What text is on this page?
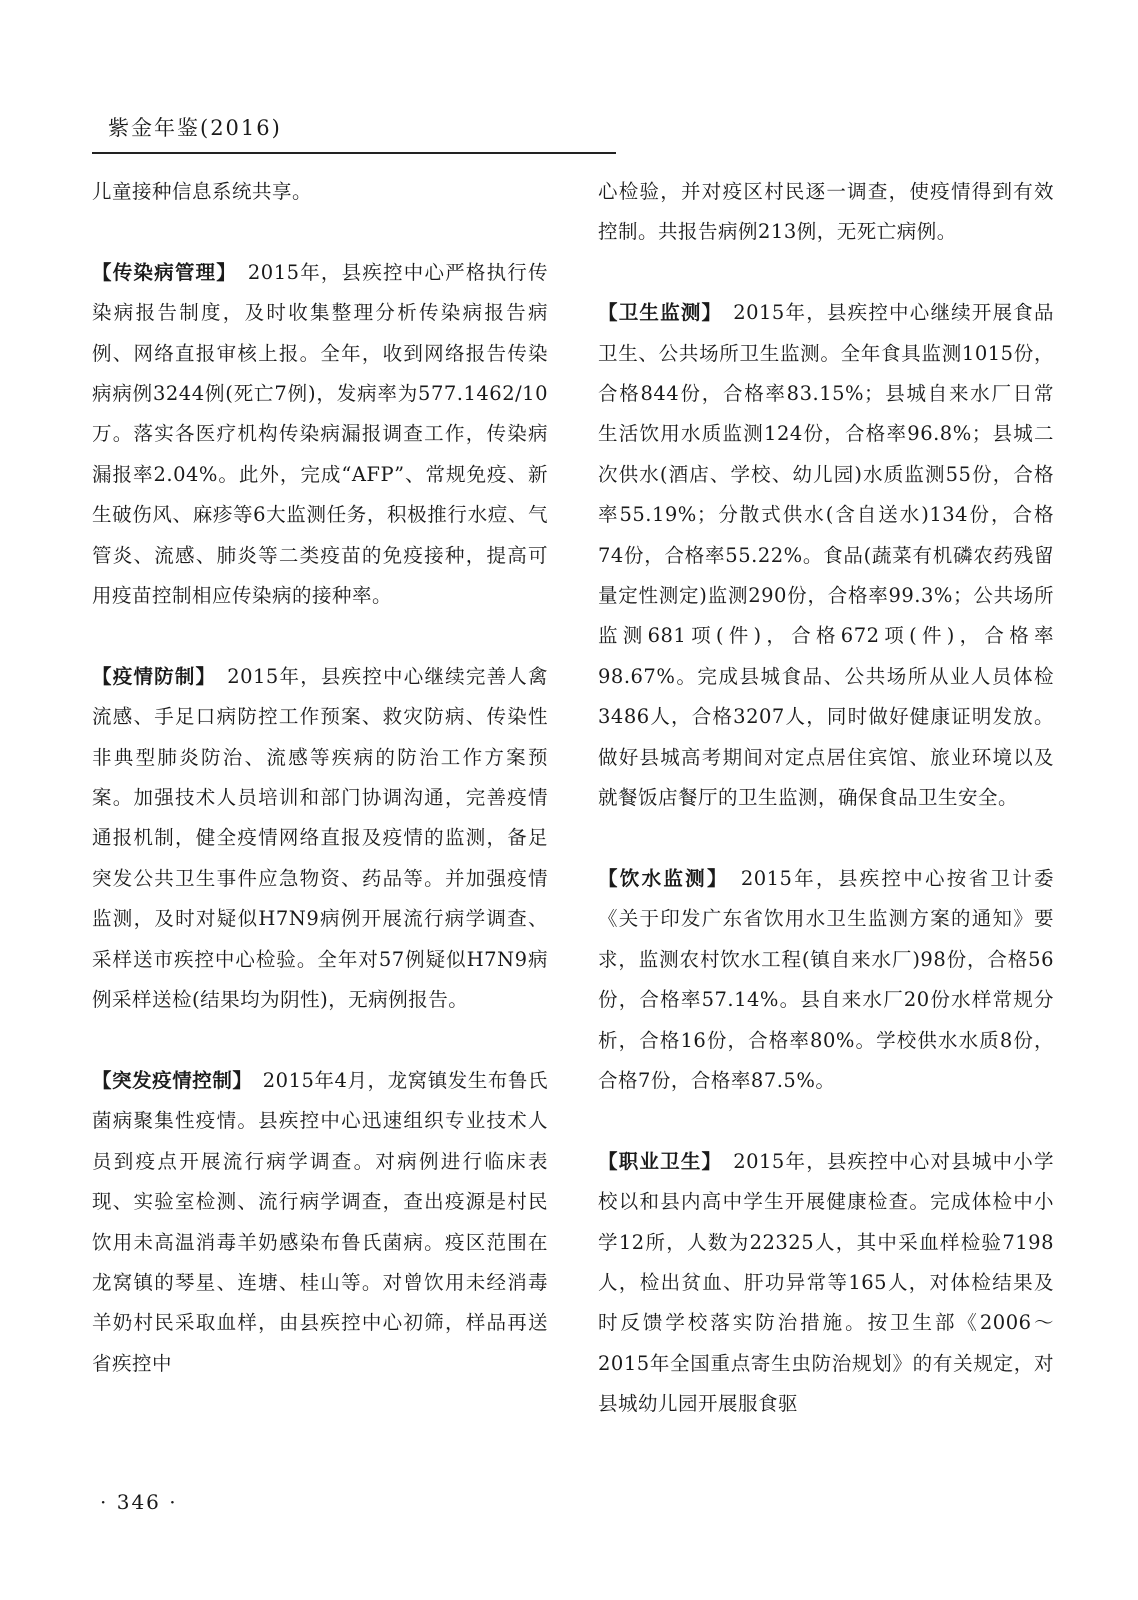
紫金年鉴(2016)

儿童接种信息系统共享。

【传染病管理】　2015年，县疾控中心严格执行传染病报告制度，及时收集整理分析传染病报告病例、网络直报审核上报。全年，收到网络报告传染病病例3244例(死亡7例)，发病率为577.1462/10万。落实各医疗机构传染病漏报调查工作，传染病漏报率2.04%。此外，完成“AFP”、常规免疫、新生破伤风、麻疹等6大监测任务，积极推行水痘、气管炎、流感、肺炎等二类疫苗的免疫接种，提高可用疫苗控制相应传染病的接种率。

【疫情防制】　2015年，县疾控中心继续完善人禽流感、手足口病防控工作预案、救灾防病、传染性非典型肺炎防治、流感等疾病的防治工作方案预案。加强技术人员培训和部门协调沟通，完善疫情通报机制，健全疫情网络直报及疫情的监测，备足突发公共卫生事件应急物资、药品等。并加强疫情监测，及时对疑似H7N9病例开展流行病学调查、采样送市疾控中心检验。全年对57例疑似H7N9病例采样送检(结果均为阴性)，无病例报告。

【突发疫情控制】　2015年4月，龙窝镇发生布鲁氏菌病聚集性疫情。县疾控中心迅速组织专业技术人员到疫点开展流行病学调查。对病例进行临床表现、实验室检测、流行病学调查，查出疫源是村民饮用未高温消毒羊奶感染布鲁氏菌病。疫区范围在龙窝镇的琴星、连塘、桂山等。对曾饮用未经消毒羊奶村民采取血样，由县疾控中心初筛，样品再送省疾控中

心检验，并对疫区村民逐一调查，使疫情得到有效控制。共报告病例213例，无死亡病例。

【卫生监测】　2015年，县疾控中心继续开展食品卫生、公共场所卫生监测。全年食具监测1015份，合格844份，合格率83.15%；县城自来水厂日常生活饮用水质监测124份，合格率96.8%；县城二次供水(酒店、学校、幼儿园)水质监测55份，合格率55.19%；分散式供水(含自送水)134份，合格74份，合格率55.22%。食品(蔬菜有机磷农药残留量定性测定)监测290份，合格率99.3%；公共场所监测681项(件)，合格672项(件)，合格率98.67%。完成县城食品、公共场所从业人员体检3486人，合格3207人，同时做好健康证明发放。做好县城高考期间对定点居住宾馆、旅业环境以及就餐饭店餐厅的卫生监测，确保食品卫生安全。

【饮水监测】　2015年，县疾控中心按省卫计委《关于印发广东省饮用水卫生监测方案的通知》要求，监测农村饮水工程(镇自来水厂)98份，合格56份，合格率57.14%。县自来水厂20份水样常规分析，合格16份，合格率80%。学校供水水质8份，合格7份，合格率87.5%。

【职业卫生】　2015年，县疾控中心对县城中小学校以和县内高中学生开展健康检查。完成体检中小学12所，人数为22325人，其中采血样检验7198人，检出贫血、肝功异常等165人，对体检结果及时反馈学校落实防治措施。按卫生部《2006～2015年全国重点寄生虫防治规划》的有关规定，对县城幼儿园开展服食驱

· 346 ·
